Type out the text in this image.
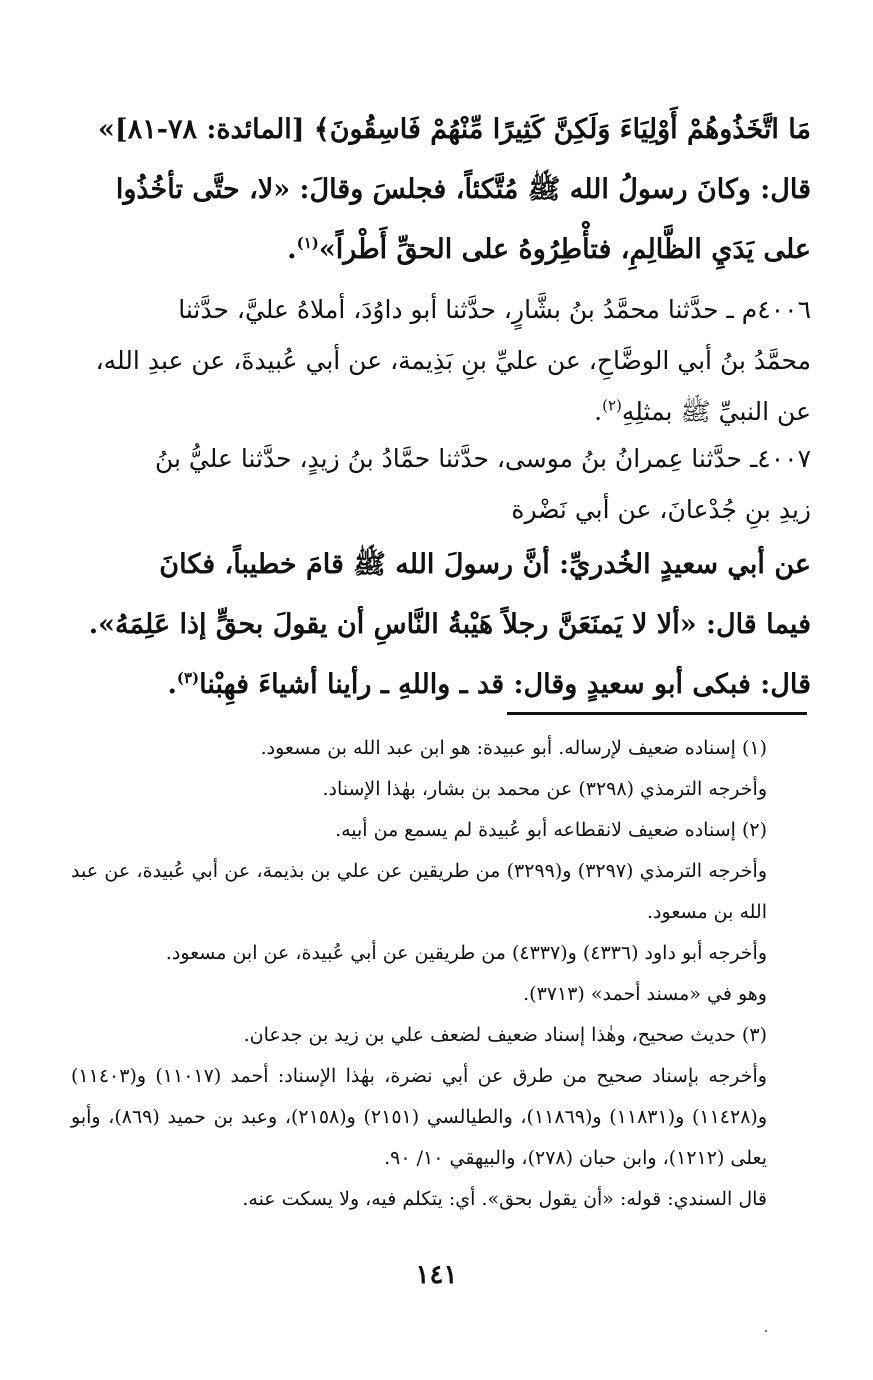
مَا اتَّخَذُوهُمْ أَوْلِيَاءَ وَلَكِنَّ كَثِيرًا مِّنْهُمْ فَاسِقُونَ﴾ [المائدة: ٧٨-٨١]»

قال: وكانَ رسولُ الله ﷺ مُتَّكئاً، فجلسَ وقالَ: «لا، حتَّى تأخُذُوا

على يَدَيِ الظَّالِمِ، فتأْطِرُوهُ على الحقِّ أَطْراً»$^{(١)}$.

٤٠٠٦م ـ حدَّثنا محمَّدُ بنُ بشَّارٍ، حدَّثنا أبو داوُدَ، أملاهُ عليَّ، حدَّثنا

محمَّدُ بنُ أبي الوضَّاحِ، عن عليِّ بنِ بَذِيمة، عن أبي عُبيدةَ، عن عبدِ الله،

عن النبيِّ ﷺ بمثلِهِ$^{(٢)}$.

٤٠٠٧ـ حدَّثنا عِمرانُ بنُ موسى، حدَّثنا حمَّادُ بنُ زيدٍ، حدَّثنا عليُّ بنُ

زيدِ بنِ جُدْعانَ، عن أبي نَضْرة

عن أبي سعيدٍ الخُدريِّ: أنَّ رسولَ الله ﷺ قامَ خطيباً، فكانَ

فيما قال: «ألا لا يَمنَعَنَّ رجلاً هَيْبةُ النَّاسِ أن يقولَ بحقٍّ إذا عَلِمَهُ».

قال: فبكى أبو سعيدٍ وقال: قد ـ واللهِ ـ رأينا أشياءَ فهِبْنا$^{(٣)}$.

(١) إسناده ضعيف لإرساله. أبو عبيدة: هو ابن عبد الله بن مسعود.

وأخرجه الترمذي (٣٢٩٨) عن محمد بن بشار، بهٰذا الإسناد.

(٢) إسناده ضعيف لانقطاعه أبو عُبيدة لم يسمع من أبيه.

وأخرجه الترمذي (٣٢٩٧) و(٣٢٩٩) من طريقين عن علي بن بذيمة، عن أبي عُبيدة، عن عبد الله بن مسعود.

وأخرجه أبو داود (٤٣٣٦) و(٤٣٣٧) من طريقين عن أبي عُبيدة، عن ابن مسعود.

وهو في «مسند أحمد» (٣٧١٣).

(٣) حديث صحيح، وهٰذا إسناد ضعيف لضعف علي بن زيد بن جدعان.

وأخرجه بإسناد صحيح من طرق عن أبي نضرة، بهٰذا الإسناد: أحمد (١١٠١٧) و(١١٤٠٣) و(١١٤٢٨) و(١١٨٣١) و(١١٨٦٩)، والطيالسي (٢١٥١) و(٢١٥٨)، وعبد بن حميد (٨٦٩)، وأبو يعلى (١٢١٢)، وابن حبان (٢٧٨)، والبيهقي ١٠/ ٩٠.

قال السندي: قوله: «أن يقول بحق». أي: يتكلم فيه، ولا يسكت عنه.

١٤١
